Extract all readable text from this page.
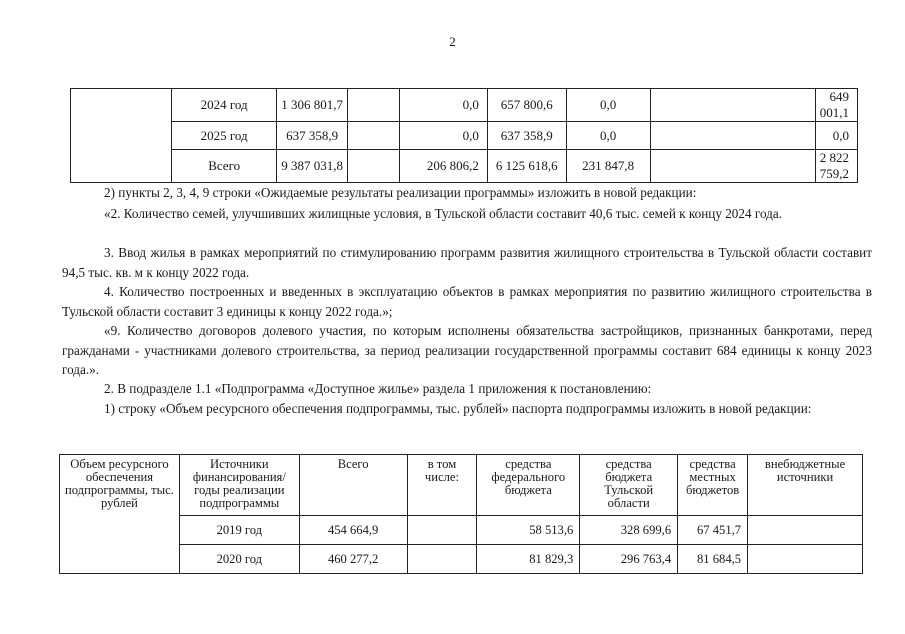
2
	2024 год	1 306 801,7		0,0	657 800,6	0,0		649 001,1
	2025 год	637 358,9		0,0	637 358,9	0,0		0,0
	Всего	9 387 031,8		206 806,2	6 125 618,6	231 847,8		2 822 759,2

2) пункты 2, 3, 4, 9 строки «Ожидаемые результаты реализации программы» изложить в новой редакции:

«2. Количество семей, улучшивших жилищные условия, в Тульской области составит 40,6 тыс. семей к концу 2024 года.

3. Ввод жилья в рамках мероприятий по стимулированию программ развития жилищного строительства в Тульской области составит 94,5 тыс. кв. м к концу 2022 года.

4. Количество построенных и введенных в эксплуатацию объектов в рамках мероприятия по развитию жилищного строительства в Тульской области составит 3 единицы к концу 2022 года.»;

«9. Количество договоров долевого участия, по которым исполнены обязательства застройщиков, признанных банкротами, перед гражданами - участниками долевого строительства, за период реализации государственной программы составит 684 единицы к концу 2023 года.».

2. В подразделе 1.1 «Подпрограмма «Доступное жилье» раздела 1 приложения к постановлению:

1) строку «Объем ресурсного обеспечения подпрограммы, тыс. рублей» паспорта подпрограммы изложить в новой редакции:

Объем ресурсного обеспечения подпрограммы, тыс. рублей	Источники финансирования/ годы реализации подпрограммы	Всего	в том числе:	средства федерального бюджета	средства бюджета Тульской области	средства местных бюджетов	внебюджетные источники
	2019 год	454 664,9		58 513,6	328 699,6	67 451,7	
	2020 год	460 277,2		81 829,3	296 763,4	81 684,5	
